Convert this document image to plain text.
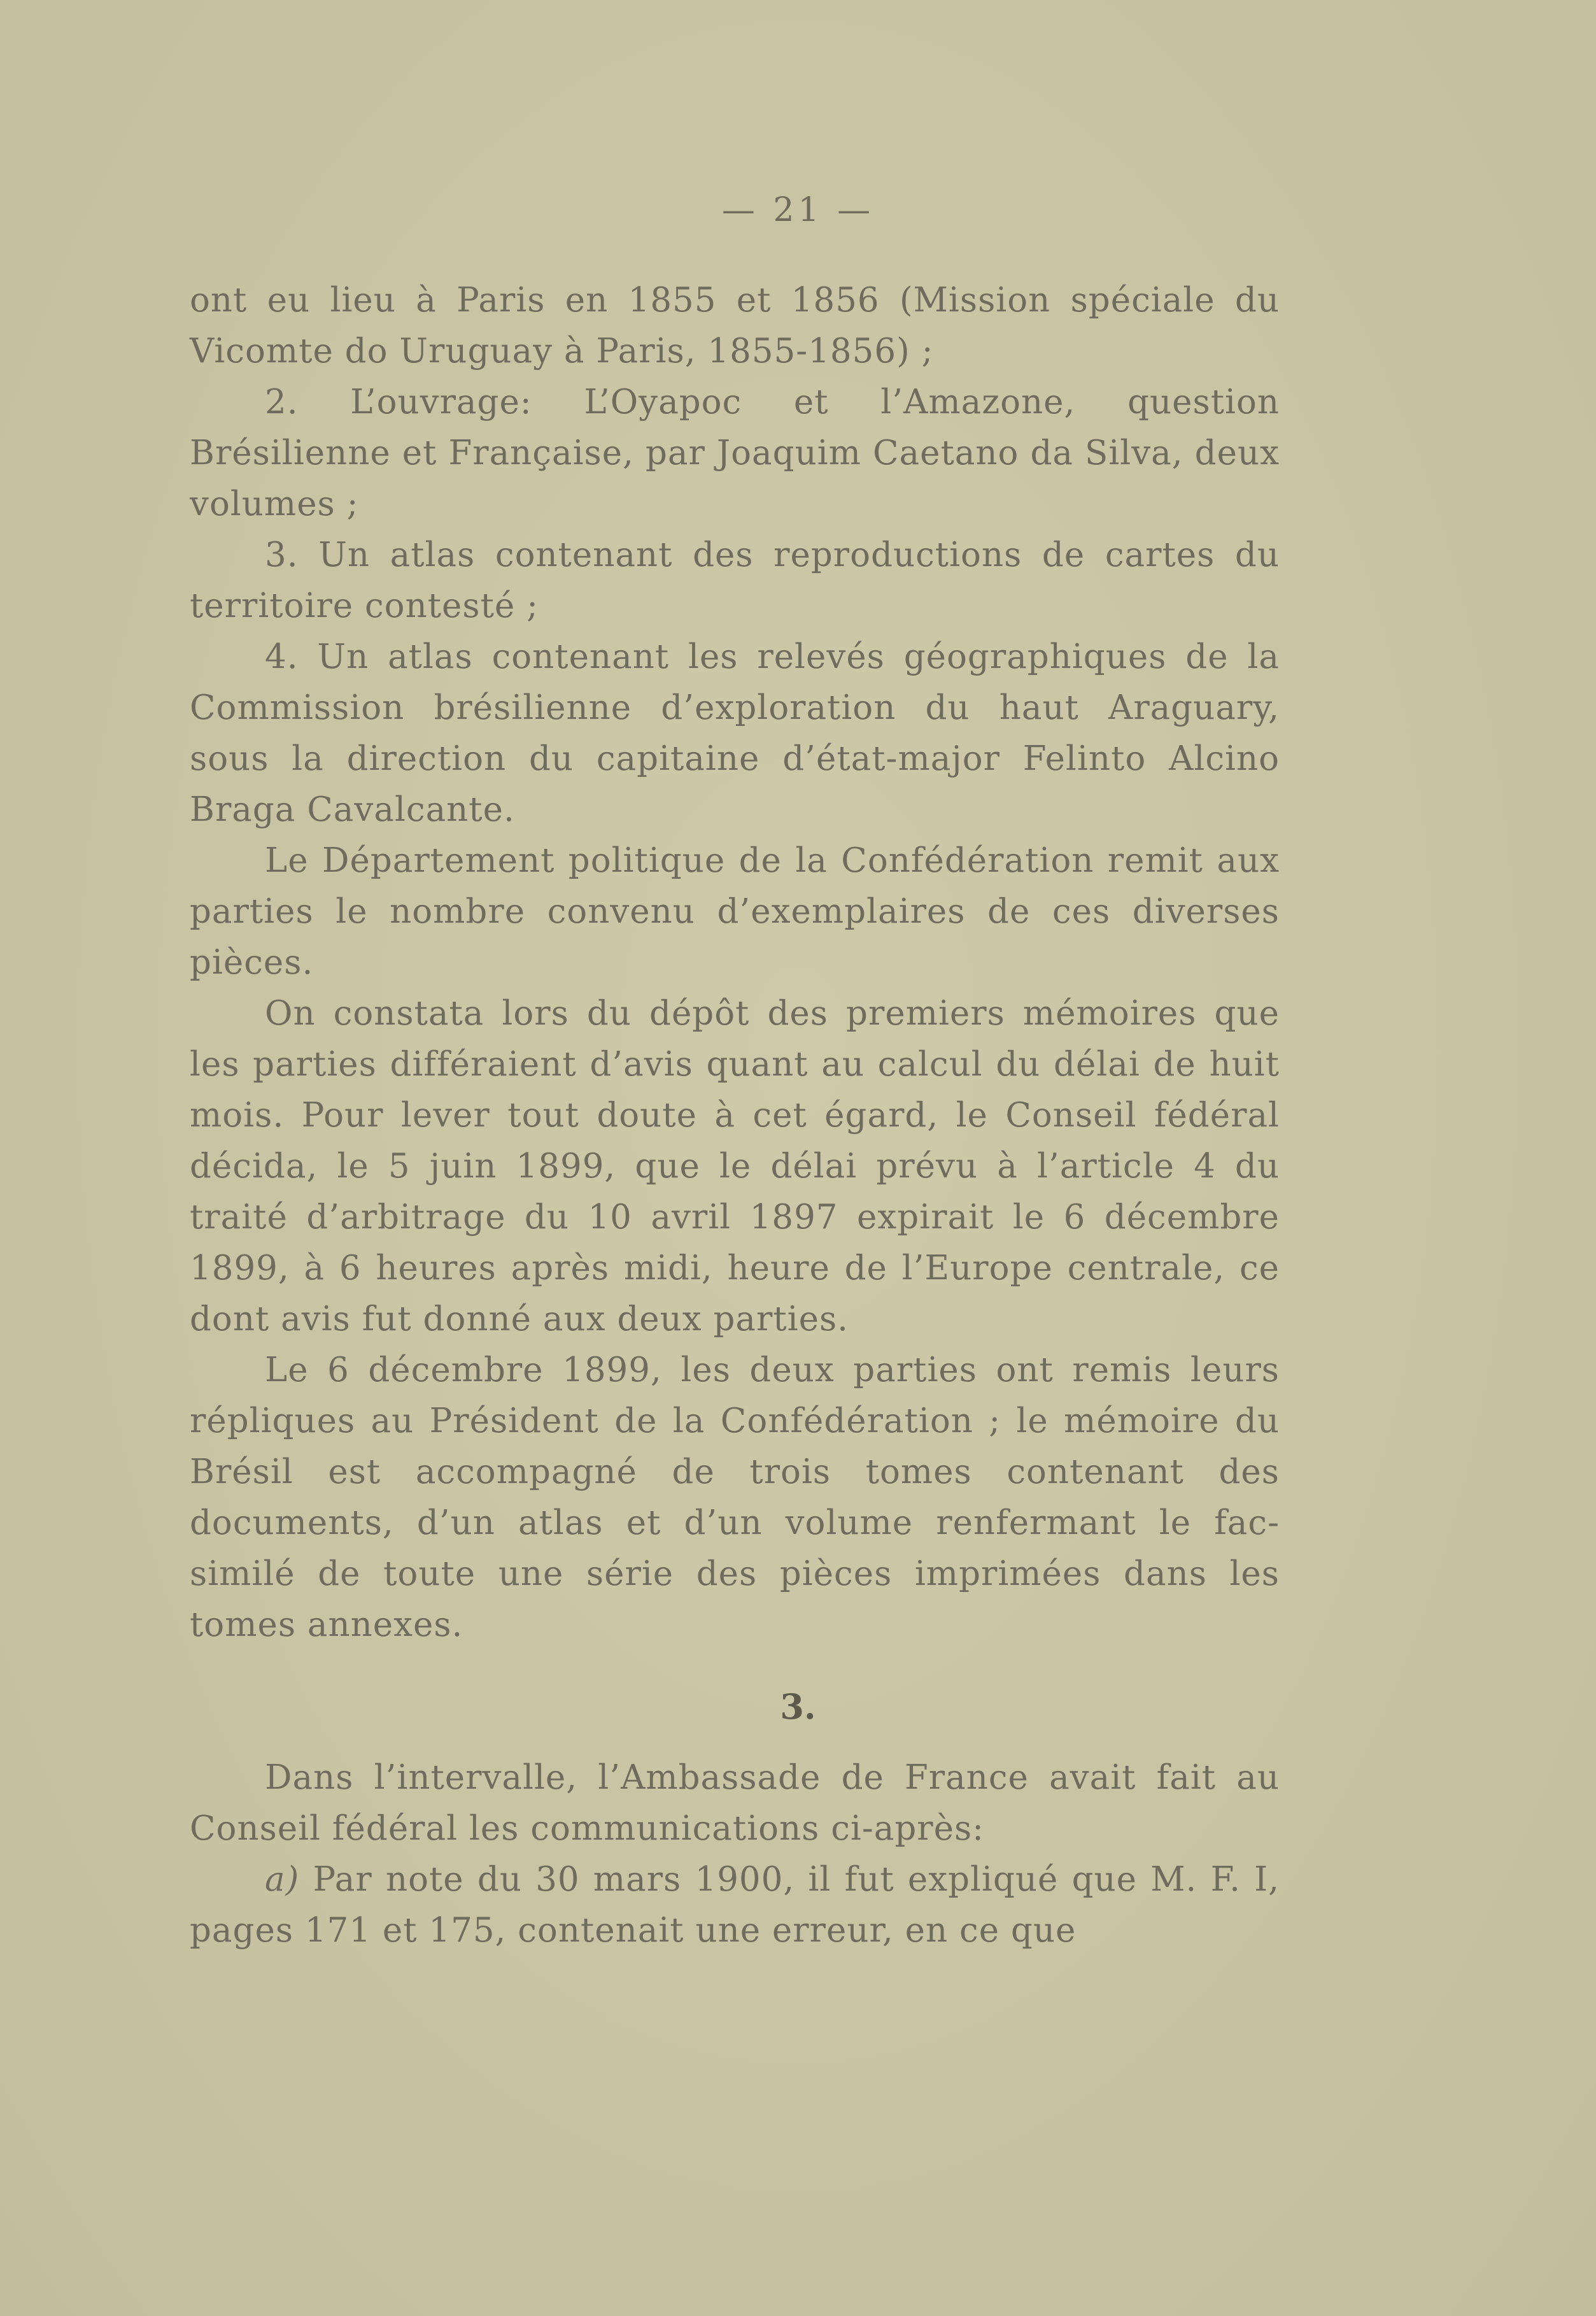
— 21 —

ont eu lieu à Paris en 1855 et 1856 (Mission spéciale du Vicomte do Uruguay à Paris, 1855-1856) ;

2. L’ouvrage: L’Oyapoc et l’Amazone, question Brésilienne et Française, par Joaquim Caetano da Silva, deux volumes ;

3. Un atlas contenant des reproductions de cartes du territoire contesté ;

4. Un atlas contenant les relevés géographiques de la Commission brésilienne d’exploration du haut Araguary, sous la direction du capitaine d’état-major Felinto Alcino Braga Cavalcante.

Le Département politique de la Confédération remit aux parties le nombre convenu d’exemplaires de ces diverses pièces.

On constata lors du dépôt des premiers mémoires que les parties différaient d’avis quant au calcul du délai de huit mois. Pour lever tout doute à cet égard, le Conseil fédéral décida, le 5 juin 1899, que le délai prévu à l’article 4 du traité d’arbitrage du 10 avril 1897 expirait le 6 décembre 1899, à 6 heures après midi, heure de l’Europe centrale, ce dont avis fut donné aux deux parties.

Le 6 décembre 1899, les deux parties ont remis leurs répliques au Président de la Confédération ; le mémoire du Brésil est accompagné de trois tomes contenant des documents, d’un atlas et d’un volume renfermant le fac-similé de toute une série des pièces imprimées dans les tomes annexes.

3.

Dans l’intervalle, l’Ambassade de France avait fait au Conseil fédéral les communications ci-après:

a) Par note du 30 mars 1900, il fut expliqué que M. F. I, pages 171 et 175, contenait une erreur, en ce que
